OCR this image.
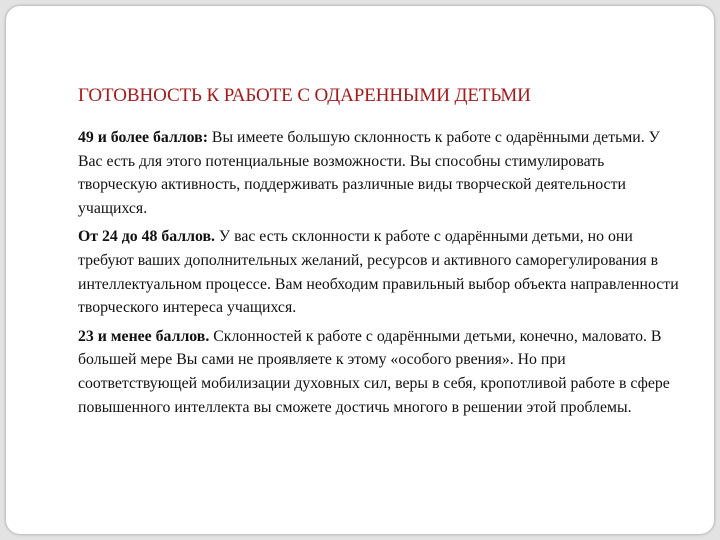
ГОТОВНОСТЬ К РАБОТЕ С ОДАРЕННЫМИ ДЕТЬМИ

49 и более баллов: Вы имеете большую склонность к работе с одарёнными детьми. У Вас есть для этого потенциальные возможности. Вы способны стимулировать творческую активность, поддерживать различные виды творческой деятельности учащихся.

От 24 до 48 баллов. У вас есть склонности к работе с одарёнными детьми, но они требуют ваших дополнительных желаний, ресурсов и активного саморегулирования в интеллектуальном процессе. Вам необходим правильный выбор объекта направленности творческого интереса учащихся.

23 и менее баллов. Склонностей к работе с одарёнными детьми, конечно, маловато. В большей мере Вы сами не проявляете к этому «особого рвения». Но при соответствующей мобилизации духовных сил, веры в себя, кропотливой работе в сфере повышенного интеллекта вы сможете достичь многого в решении этой проблемы.
